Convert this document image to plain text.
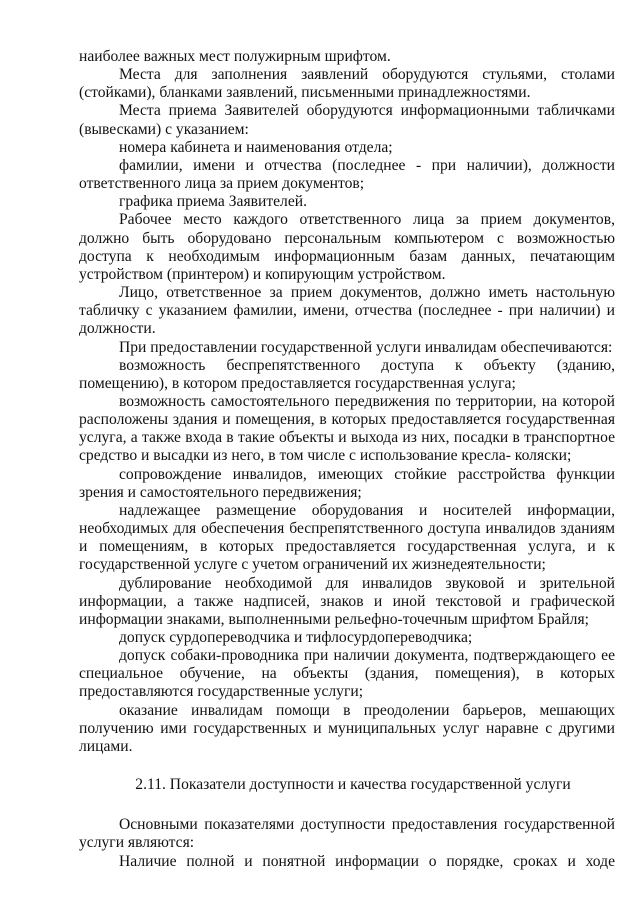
наиболее важных мест полужирным шрифтом.

Места для заполнения заявлений оборудуются стульями, столами (стойками), бланками заявлений, письменными принадлежностями.

Места приема Заявителей оборудуются информационными табличками (вывесками) с указанием:

номера кабинета и наименования отдела;

фамилии, имени и отчества (последнее - при наличии), должности ответственного лица за прием документов;

графика приема Заявителей.

Рабочее место каждого ответственного лица за прием документов, должно быть оборудовано персональным компьютером с возможностью доступа к необходимым информационным базам данных, печатающим устройством (принтером) и копирующим устройством.

Лицо, ответственное за прием документов, должно иметь настольную табличку с указанием фамилии, имени, отчества (последнее - при наличии) и должности.

При предоставлении государственной услуги инвалидам обеспечиваются:

возможность беспрепятственного доступа к объекту (зданию, помещению), в котором предоставляется государственная услуга;

возможность самостоятельного передвижения по территории, на которой расположены здания и помещения, в которых предоставляется государственная услуга, а также входа в такие объекты и выхода из них, посадки в транспортное средство и высадки из него, в том числе с использование кресла- коляски;

сопровождение инвалидов, имеющих стойкие расстройства функции зрения и самостоятельного передвижения;

надлежащее размещение оборудования и носителей информации, необходимых для обеспечения беспрепятственного доступа инвалидов зданиям и помещениям, в которых предоставляется государственная услуга, и к государственной услуге с учетом ограничений их жизнедеятельности;

дублирование необходимой для инвалидов звуковой и зрительной информации, а также надписей, знаков и иной текстовой и графической информации знаками, выполненными рельефно-точечным шрифтом Брайля;

допуск сурдопереводчика и тифлосурдопереводчика;

допуск собаки-проводника при наличии документа, подтверждающего ее специальное обучение, на объекты (здания, помещения), в которых предоставляются государственные услуги;

оказание инвалидам помощи в преодолении барьеров, мешающих получению ими государственных и муниципальных услуг наравне с другими лицами.

2.11. Показатели доступности и качества государственной услуги

Основными показателями доступности предоставления государственной услуги являются:

Наличие полной и понятной информации о порядке, сроках и ходе
